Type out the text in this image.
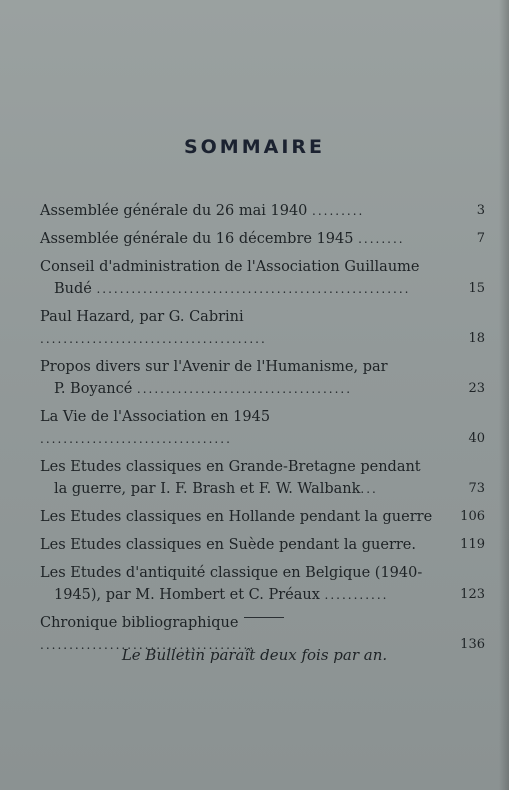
SOMMAIRE
Assemblée générale du 26 mai 1940 .........	3
Assemblée générale du 16 décembre 1945 ........	7
Conseil d'administration de l'Association Guillaume
Budé ......................................................	15
Paul Hazard, par G. Cabrini .......................................	18
Propos divers sur l'Avenir de l'Humanisme, par
P. Boyancé .....................................	23
La Vie de l'Association en 1945 .................................	40
Les Etudes classiques en Grande-Bretagne pendant
la guerre, par I. F. Brash et F. W. Walbank...	73
Les Etudes classiques en Hollande pendant la guerre	106
Les Etudes classiques en Suède pendant la guerre.	119
Les Etudes d'antiquité classique en Belgique (1940-
1945), par M. Hombert et C. Préaux ...........	123
Chronique bibliographique .....................................	136
Le Bulletin paraît deux fois par an.
